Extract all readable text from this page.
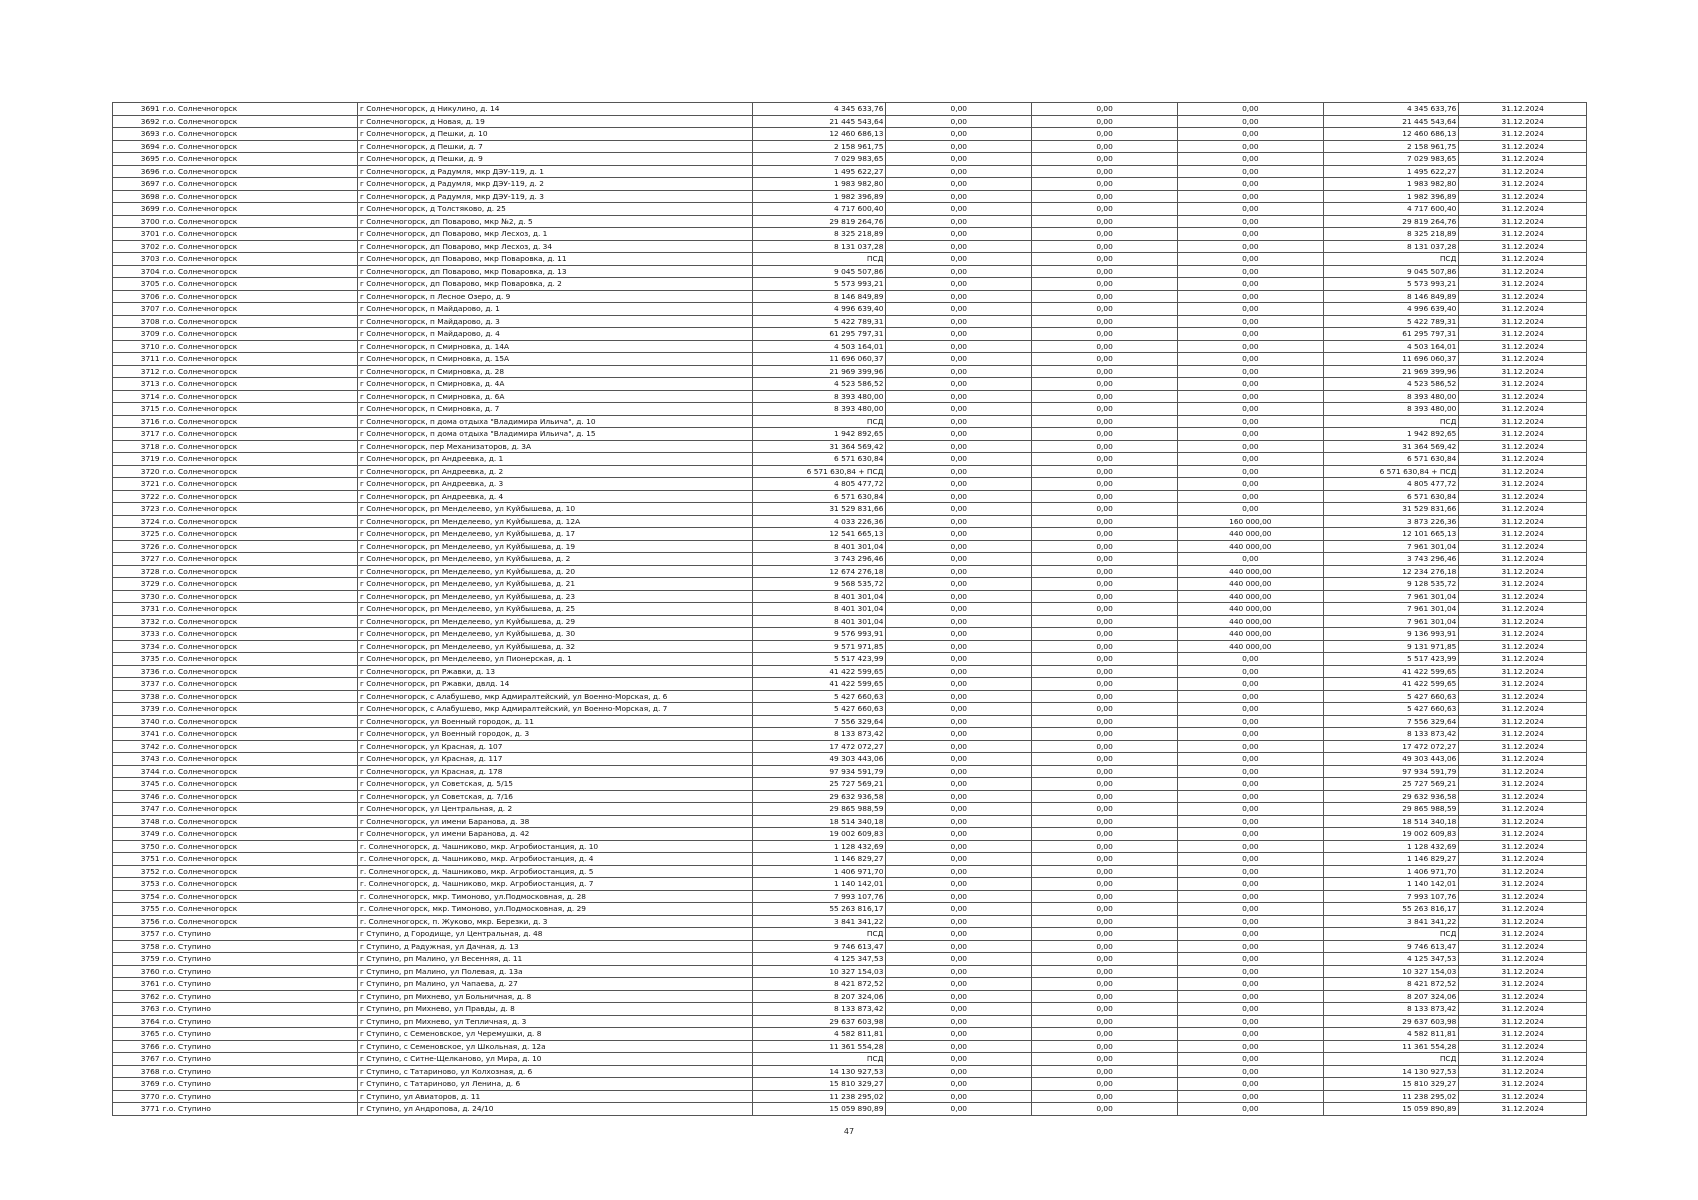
3691	г.о. Солнечногорск	г Солнечногорск, д Никулино, д. 14	4 345 633,76	0,00	0,00	0,00	4 345 633,76	31.12.2024
3692	г.о. Солнечногорск	г Солнечногорск, д Новая, д. 19	21 445 543,64	0,00	0,00	0,00	21 445 543,64	31.12.2024
3693	г.о. Солнечногорск	г Солнечногорск, д Пешки, д. 10	12 460 686,13	0,00	0,00	0,00	12 460 686,13	31.12.2024
3694	г.о. Солнечногорск	г Солнечногорск, д Пешки, д. 7	2 158 961,75	0,00	0,00	0,00	2 158 961,75	31.12.2024
3695	г.о. Солнечногорск	г Солнечногорск, д Пешки, д. 9	7 029 983,65	0,00	0,00	0,00	7 029 983,65	31.12.2024
3696	г.о. Солнечногорск	г Солнечногорск, д Радумля, мкр ДЭУ-119, д. 1	1 495 622,27	0,00	0,00	0,00	1 495 622,27	31.12.2024
3697	г.о. Солнечногорск	г Солнечногорск, д Радумля, мкр ДЭУ-119, д. 2	1 983 982,80	0,00	0,00	0,00	1 983 982,80	31.12.2024
3698	г.о. Солнечногорск	г Солнечногорск, д Радумля, мкр ДЭУ-119, д. 3	1 982 396,89	0,00	0,00	0,00	1 982 396,89	31.12.2024
3699	г.о. Солнечногорск	г Солнечногорск, д Толстяково, д. 25	4 717 600,40	0,00	0,00	0,00	4 717 600,40	31.12.2024
3700	г.о. Солнечногорск	г Солнечногорск, дп Поварово, мкр №2, д. 5	29 819 264,76	0,00	0,00	0,00	29 819 264,76	31.12.2024
3701	г.о. Солнечногорск	г Солнечногорск, дп Поварово, мкр Лесхоз, д. 1	8 325 218,89	0,00	0,00	0,00	8 325 218,89	31.12.2024
3702	г.о. Солнечногорск	г Солнечногорск, дп Поварово, мкр Лесхоз, д. 34	8 131 037,28	0,00	0,00	0,00	8 131 037,28	31.12.2024
3703	г.о. Солнечногорск	г Солнечногорск, дп Поварово, мкр Поваровка, д. 11	ПСД	0,00	0,00	0,00	ПСД	31.12.2024
3704	г.о. Солнечногорск	г Солнечногорск, дп Поварово, мкр Поваровка, д. 13	9 045 507,86	0,00	0,00	0,00	9 045 507,86	31.12.2024
3705	г.о. Солнечногорск	г Солнечногорск, дп Поварово, мкр Поваровка, д. 2	5 573 993,21	0,00	0,00	0,00	5 573 993,21	31.12.2024
3706	г.о. Солнечногорск	г Солнечногорск, п Лесное Озеро, д. 9	8 146 849,89	0,00	0,00	0,00	8 146 849,89	31.12.2024
3707	г.о. Солнечногорск	г Солнечногорск, п Майдарово, д. 1	4 996 639,40	0,00	0,00	0,00	4 996 639,40	31.12.2024
3708	г.о. Солнечногорск	г Солнечногорск, п Майдарово, д. 3	5 422 789,31	0,00	0,00	0,00	5 422 789,31	31.12.2024
3709	г.о. Солнечногорск	г Солнечногорск, п Майдарово, д. 4	61 295 797,31	0,00	0,00	0,00	61 295 797,31	31.12.2024
3710	г.о. Солнечногорск	г Солнечногорск, п Смирновка, д. 14А	4 503 164,01	0,00	0,00	0,00	4 503 164,01	31.12.2024
3711	г.о. Солнечногорск	г Солнечногорск, п Смирновка, д. 15А	11 696 060,37	0,00	0,00	0,00	11 696 060,37	31.12.2024
3712	г.о. Солнечногорск	г Солнечногорск, п Смирновка, д. 28	21 969 399,96	0,00	0,00	0,00	21 969 399,96	31.12.2024
3713	г.о. Солнечногорск	г Солнечногорск, п Смирновка, д. 4А	4 523 586,52	0,00	0,00	0,00	4 523 586,52	31.12.2024
3714	г.о. Солнечногорск	г Солнечногорск, п Смирновка, д. 6А	8 393 480,00	0,00	0,00	0,00	8 393 480,00	31.12.2024
3715	г.о. Солнечногорск	г Солнечногорск, п Смирновка, д. 7	8 393 480,00	0,00	0,00	0,00	8 393 480,00	31.12.2024
3716	г.о. Солнечногорск	г Солнечногорск, п дома отдыха "Владимира Ильича", д. 10	ПСД	0,00	0,00	0,00	ПСД	31.12.2024
3717	г.о. Солнечногорск	г Солнечногорск, п дома отдыха "Владимира Ильича", д. 15	1 942 892,65	0,00	0,00	0,00	1 942 892,65	31.12.2024
3718	г.о. Солнечногорск	г Солнечногорск, пер Механизаторов, д. 3А	31 364 569,42	0,00	0,00	0,00	31 364 569,42	31.12.2024
3719	г.о. Солнечногорск	г Солнечногорск, рп Андреевка, д. 1	6 571 630,84	0,00	0,00	0,00	6 571 630,84	31.12.2024
3720	г.о. Солнечногорск	г Солнечногорск, рп Андреевка, д. 2	6 571 630,84 + ПСД	0,00	0,00	0,00	6 571 630,84 + ПСД	31.12.2024
3721	г.о. Солнечногорск	г Солнечногорск, рп Андреевка, д. 3	4 805 477,72	0,00	0,00	0,00	4 805 477,72	31.12.2024
3722	г.о. Солнечногорск	г Солнечногорск, рп Андреевка, д. 4	6 571 630,84	0,00	0,00	0,00	6 571 630,84	31.12.2024
3723	г.о. Солнечногорск	г Солнечногорск, рп Менделеево, ул Куйбышева, д. 10	31 529 831,66	0,00	0,00	0,00	31 529 831,66	31.12.2024
3724	г.о. Солнечногорск	г Солнечногорск, рп Менделеево, ул Куйбышева, д. 12А	4 033 226,36	0,00	0,00	160 000,00	3 873 226,36	31.12.2024
3725	г.о. Солнечногорск	г Солнечногорск, рп Менделеево, ул Куйбышева, д. 17	12 541 665,13	0,00	0,00	440 000,00	12 101 665,13	31.12.2024
3726	г.о. Солнечногорск	г Солнечногорск, рп Менделеево, ул Куйбышева, д. 19	8 401 301,04	0,00	0,00	440 000,00	7 961 301,04	31.12.2024
3727	г.о. Солнечногорск	г Солнечногорск, рп Менделеево, ул Куйбышева, д. 2	3 743 296,46	0,00	0,00	0,00	3 743 296,46	31.12.2024
3728	г.о. Солнечногорск	г Солнечногорск, рп Менделеево, ул Куйбышева, д. 20	12 674 276,18	0,00	0,00	440 000,00	12 234 276,18	31.12.2024
3729	г.о. Солнечногорск	г Солнечногорск, рп Менделеево, ул Куйбышева, д. 21	9 568 535,72	0,00	0,00	440 000,00	9 128 535,72	31.12.2024
3730	г.о. Солнечногорск	г Солнечногорск, рп Менделеево, ул Куйбышева, д. 23	8 401 301,04	0,00	0,00	440 000,00	7 961 301,04	31.12.2024
3731	г.о. Солнечногорск	г Солнечногорск, рп Менделеево, ул Куйбышева, д. 25	8 401 301,04	0,00	0,00	440 000,00	7 961 301,04	31.12.2024
3732	г.о. Солнечногорск	г Солнечногорск, рп Менделеево, ул Куйбышева, д. 29	8 401 301,04	0,00	0,00	440 000,00	7 961 301,04	31.12.2024
3733	г.о. Солнечногорск	г Солнечногорск, рп Менделеево, ул Куйбышева, д. 30	9 576 993,91	0,00	0,00	440 000,00	9 136 993,91	31.12.2024
3734	г.о. Солнечногорск	г Солнечногорск, рп Менделеево, ул Куйбышева, д. 32	9 571 971,85	0,00	0,00	440 000,00	9 131 971,85	31.12.2024
3735	г.о. Солнечногорск	г Солнечногорск, рп Менделеево, ул Пионерская, д. 1	5 517 423,99	0,00	0,00	0,00	5 517 423,99	31.12.2024
3736	г.о. Солнечногорск	г Солнечногорск, рп Ржавки, д. 13	41 422 599,65	0,00	0,00	0,00	41 422 599,65	31.12.2024
3737	г.о. Солнечногорск	г Солнечногорск, рп Ржавки, двлд. 14	41 422 599,65	0,00	0,00	0,00	41 422 599,65	31.12.2024
3738	г.о. Солнечногорск	г Солнечногорск, с Алабушево, мкр Адмиралтейский, ул Военно-Морская, д. 6	5 427 660,63	0,00	0,00	0,00	5 427 660,63	31.12.2024
3739	г.о. Солнечногорск	г Солнечногорск, с Алабушево, мкр Адмиралтейский, ул Военно-Морская, д. 7	5 427 660,63	0,00	0,00	0,00	5 427 660,63	31.12.2024
3740	г.о. Солнечногорск	г Солнечногорск, ул Военный городок, д. 11	7 556 329,64	0,00	0,00	0,00	7 556 329,64	31.12.2024
3741	г.о. Солнечногорск	г Солнечногорск, ул Военный городок, д. 3	8 133 873,42	0,00	0,00	0,00	8 133 873,42	31.12.2024
3742	г.о. Солнечногорск	г Солнечногорск, ул Красная, д. 107	17 472 072,27	0,00	0,00	0,00	17 472 072,27	31.12.2024
3743	г.о. Солнечногорск	г Солнечногорск, ул Красная, д. 117	49 303 443,06	0,00	0,00	0,00	49 303 443,06	31.12.2024
3744	г.о. Солнечногорск	г Солнечногорск, ул Красная, д. 178	97 934 591,79	0,00	0,00	0,00	97 934 591,79	31.12.2024
3745	г.о. Солнечногорск	г Солнечногорск, ул Советская, д. 5/15	25 727 569,21	0,00	0,00	0,00	25 727 569,21	31.12.2024
3746	г.о. Солнечногорск	г Солнечногорск, ул Советская, д. 7/16	29 632 936,58	0,00	0,00	0,00	29 632 936,58	31.12.2024
3747	г.о. Солнечногорск	г Солнечногорск, ул Центральная, д. 2	29 865 988,59	0,00	0,00	0,00	29 865 988,59	31.12.2024
3748	г.о. Солнечногорск	г Солнечногорск, ул имени Баранова, д. 38	18 514 340,18	0,00	0,00	0,00	18 514 340,18	31.12.2024
3749	г.о. Солнечногорск	г Солнечногорск, ул имени Баранова, д. 42	19 002 609,83	0,00	0,00	0,00	19 002 609,83	31.12.2024
3750	г.о. Солнечногорск	г. Солнечногорск, д. Чашниково, мкр. Агробиостанция, д. 10	1 128 432,69	0,00	0,00	0,00	1 128 432,69	31.12.2024
3751	г.о. Солнечногорск	г. Солнечногорск, д. Чашниково, мкр. Агробиостанция, д. 4	1 146 829,27	0,00	0,00	0,00	1 146 829,27	31.12.2024
3752	г.о. Солнечногорск	г. Солнечногорск, д. Чашниково, мкр. Агробиостанция, д. 5	1 406 971,70	0,00	0,00	0,00	1 406 971,70	31.12.2024
3753	г.о. Солнечногорск	г. Солнечногорск, д. Чашниково, мкр. Агробиостанция, д. 7	1 140 142,01	0,00	0,00	0,00	1 140 142,01	31.12.2024
3754	г.о. Солнечногорск	г. Солнечногорск, мкр. Тимоново, ул.Подмосковная, д. 28	7 993 107,76	0,00	0,00	0,00	7 993 107,76	31.12.2024
3755	г.о. Солнечногорск	г. Солнечногорск, мкр. Тимоново, ул.Подмосковная, д. 29	55 263 816,17	0,00	0,00	0,00	55 263 816,17	31.12.2024
3756	г.о. Солнечногорск	г. Солнечногорск, п. Жуково, мкр. Березки, д. 3	3 841 341,22	0,00	0,00	0,00	3 841 341,22	31.12.2024
3757	г.о. Ступино	г Ступино, д Городище, ул Центральная, д. 48	ПСД	0,00	0,00	0,00	ПСД	31.12.2024
3758	г.о. Ступино	г Ступино, д Радужная, ул Дачная, д. 13	9 746 613,47	0,00	0,00	0,00	9 746 613,47	31.12.2024
3759	г.о. Ступино	г Ступино, рп Малино, ул Весенняя, д. 11	4 125 347,53	0,00	0,00	0,00	4 125 347,53	31.12.2024
3760	г.о. Ступино	г Ступино, рп Малино, ул Полевая, д. 13а	10 327 154,03	0,00	0,00	0,00	10 327 154,03	31.12.2024
3761	г.о. Ступино	г Ступино, рп Малино, ул Чапаева, д. 27	8 421 872,52	0,00	0,00	0,00	8 421 872,52	31.12.2024
3762	г.о. Ступино	г Ступино, рп Михнево, ул Больничная, д. 8	8 207 324,06	0,00	0,00	0,00	8 207 324,06	31.12.2024
3763	г.о. Ступино	г Ступино, рп Михнево, ул Правды, д. 8	8 133 873,42	0,00	0,00	0,00	8 133 873,42	31.12.2024
3764	г.о. Ступино	г Ступино, рп Михнево, ул Тепличная, д. 3	29 637 603,98	0,00	0,00	0,00	29 637 603,98	31.12.2024
3765	г.о. Ступино	г Ступино, с Семеновское, ул Черемушки, д. 8	4 582 811,81	0,00	0,00	0,00	4 582 811,81	31.12.2024
3766	г.о. Ступино	г Ступино, с Семеновское, ул Школьная, д. 12а	11 361 554,28	0,00	0,00	0,00	11 361 554,28	31.12.2024
3767	г.о. Ступино	г Ступино, с Ситне-Щелканово, ул Мира, д. 10	ПСД	0,00	0,00	0,00	ПСД	31.12.2024
3768	г.о. Ступино	г Ступино, с Татариново, ул Колхозная, д. 6	14 130 927,53	0,00	0,00	0,00	14 130 927,53	31.12.2024
3769	г.о. Ступино	г Ступино, с Татариново, ул Ленина, д. 6	15 810 329,27	0,00	0,00	0,00	15 810 329,27	31.12.2024
3770	г.о. Ступино	г Ступино, ул Авиаторов, д. 11	11 238 295,02	0,00	0,00	0,00	11 238 295,02	31.12.2024
3771	г.о. Ступино	г Ступино, ул Андропова, д. 24/10	15 059 890,89	0,00	0,00	0,00	15 059 890,89	31.12.2024
47
